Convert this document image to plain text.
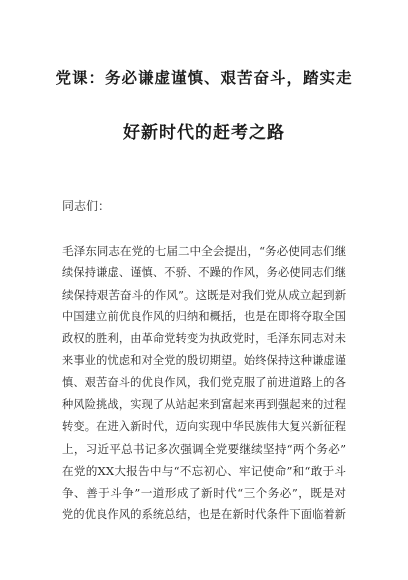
党课：务必谦虚谨慎、艰苦奋斗，踏实走
好新时代的赶考之路
同志们：
毛泽东同志在党的七届二中全会提出，“务必使同志们继
续保持谦虚、谨慎、不骄、不躁的作风，务必使同志们继
续保持艰苦奋斗的作风”。这既是对我们党从成立起到新
中国建立前优良作风的归纳和概括，也是在即将夺取全国
政权的胜利，由革命党转变为执政党时，毛泽东同志对未
来事业的忧虑和对全党的殷切期望。始终保持这种谦虚谨
慎、艰苦奋斗的优良作风，我们党克服了前进道路上的各
种风险挑战，实现了从站起来到富起来再到强起来的过程
转变。在进入新时代，迈向实现中华民族伟大复兴新征程
上，习近平总书记多次强调全党要继续坚持“两个务必”
在党的XX大报告中与“不忘初心、牢记使命”和“敢于斗
争、善于斗争”一道形成了新时代“三个务必”，既是对
党的优良作风的系统总结，也是在新时代条件下面临着新
